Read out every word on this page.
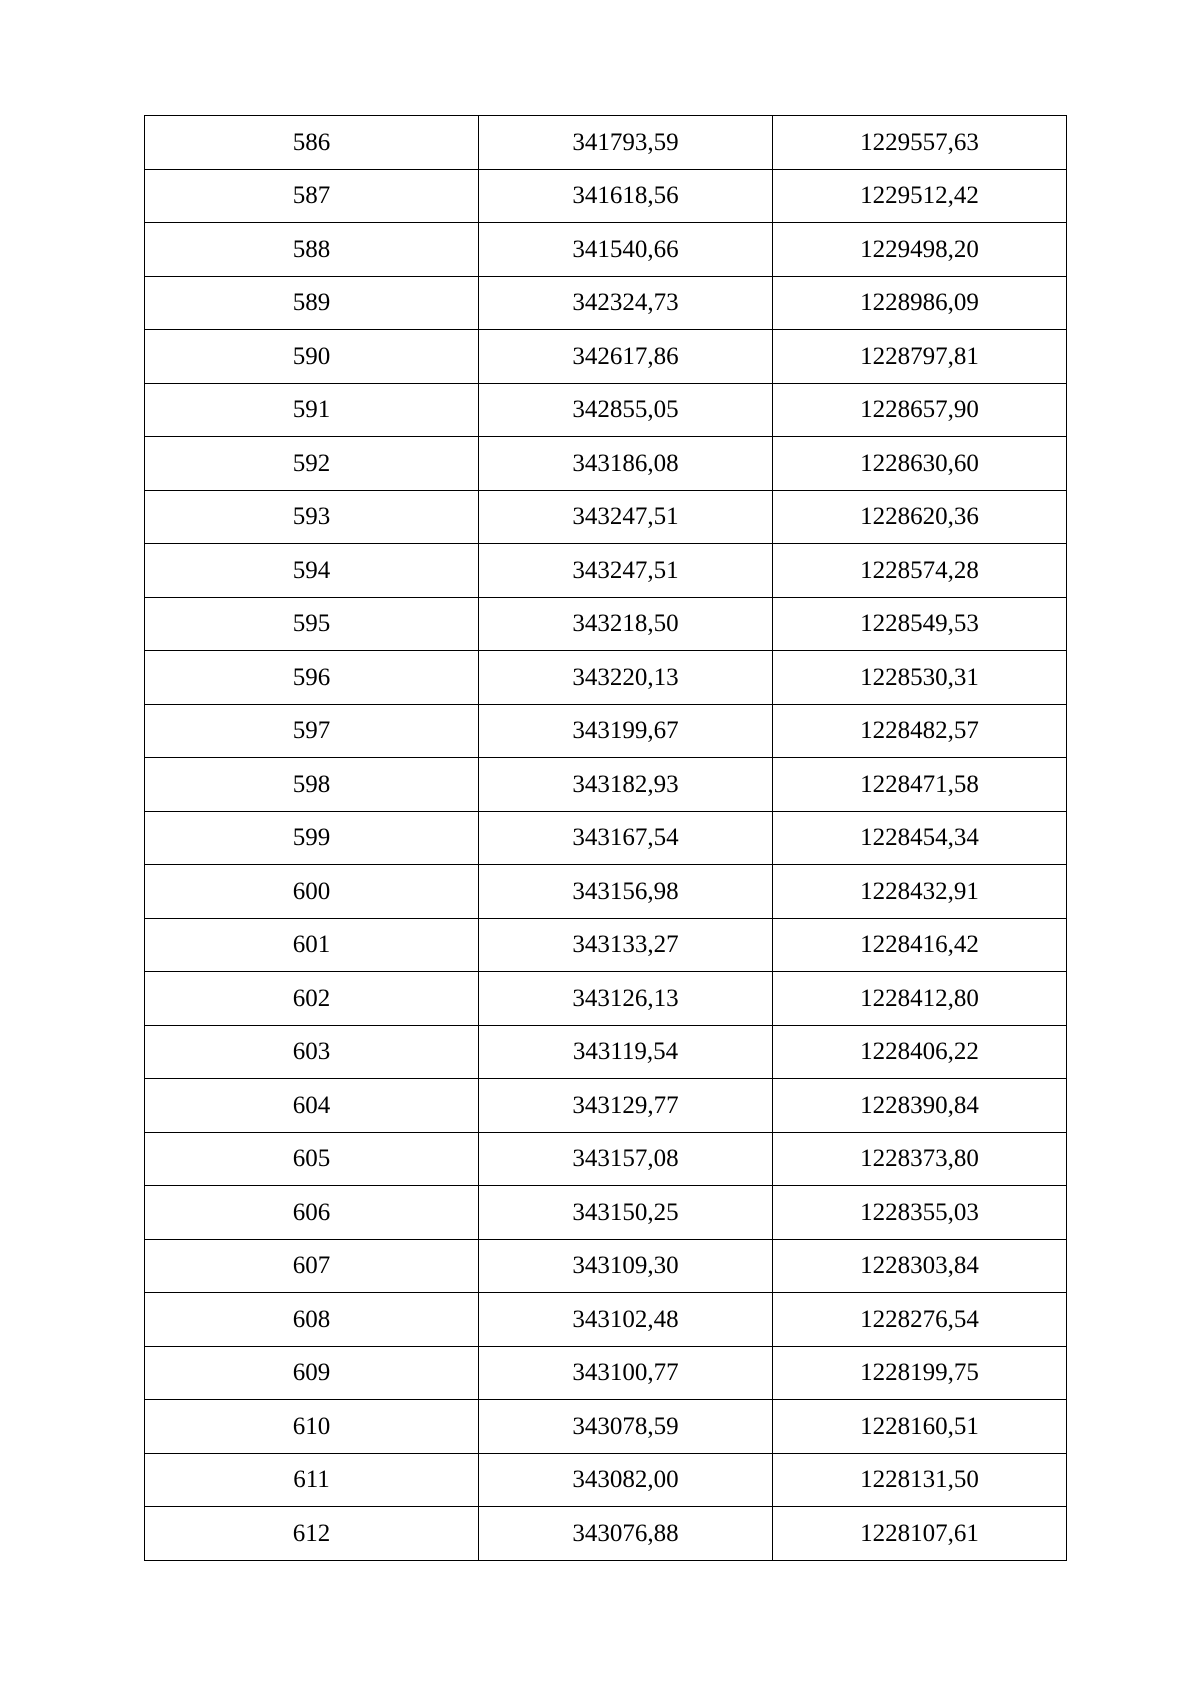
586	341793,59	1229557,63
587	341618,56	1229512,42
588	341540,66	1229498,20
589	342324,73	1228986,09
590	342617,86	1228797,81
591	342855,05	1228657,90
592	343186,08	1228630,60
593	343247,51	1228620,36
594	343247,51	1228574,28
595	343218,50	1228549,53
596	343220,13	1228530,31
597	343199,67	1228482,57
598	343182,93	1228471,58
599	343167,54	1228454,34
600	343156,98	1228432,91
601	343133,27	1228416,42
602	343126,13	1228412,80
603	343119,54	1228406,22
604	343129,77	1228390,84
605	343157,08	1228373,80
606	343150,25	1228355,03
607	343109,30	1228303,84
608	343102,48	1228276,54
609	343100,77	1228199,75
610	343078,59	1228160,51
611	343082,00	1228131,50
612	343076,88	1228107,61
